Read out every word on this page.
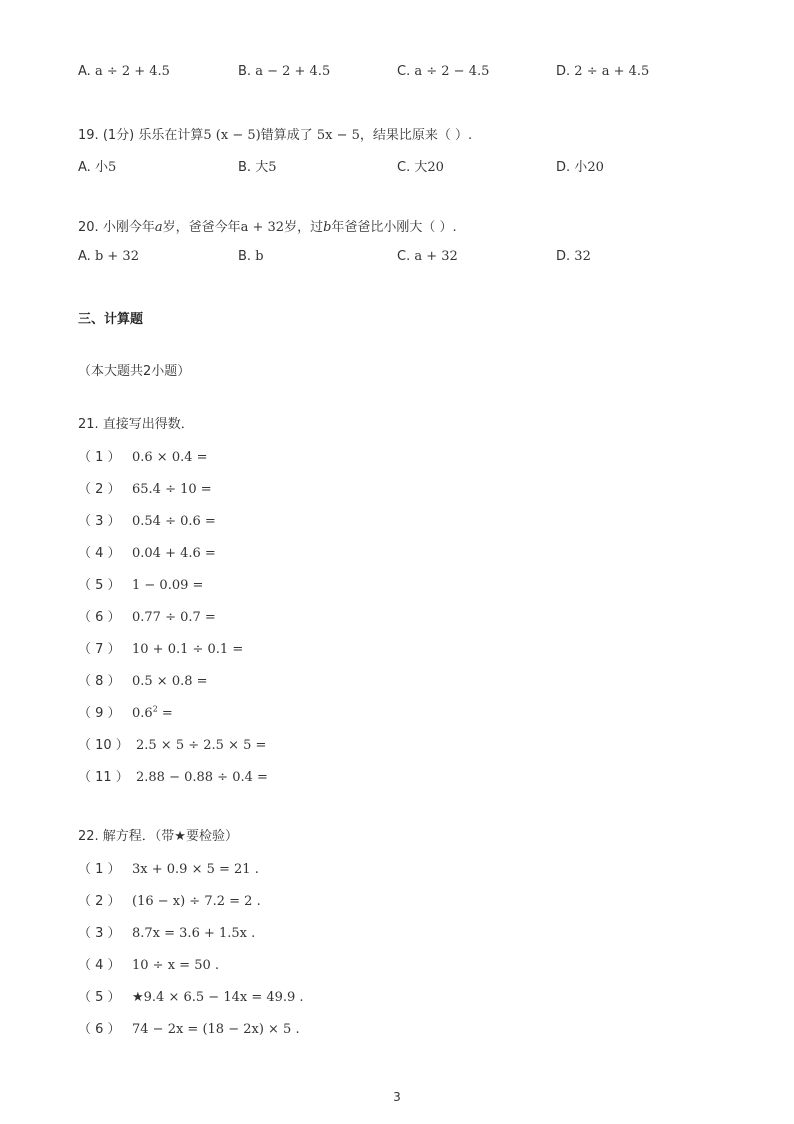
A. a ÷ 2 + 4.5	B. a − 2 + 4.5	C. a ÷ 2 − 4.5	D. 2 ÷ a + 4.5
19. (1分) 乐乐在计算5 (x − 5)错算成了 5x − 5，结果比原来（ ）.
A. 小5	B. 大5	C. 大20	D. 小20
20. 小刚今年a岁，爸爸今年a + 32岁，过b年爸爸比小刚大（ ）.
A. b + 32	B. b	C. a + 32	D. 32
三、计算题
（本大题共2小题）
21. 直接写出得数．
（ 1 ） 0.6 × 0.4 =
（ 2 ） 65.4 ÷ 10 =
（ 3 ） 0.54 ÷ 0.6 =
（ 4 ） 0.04 + 4.6 =
（ 5 ） 1 − 0.09 =
（ 6 ） 0.77 ÷ 0.7 =
（ 7 ） 10 + 0.1 ÷ 0.1 =
（ 8 ） 0.5 × 0.8 =
（ 9 ） $0.6^2$ =
（ 10 ） 2.5 × 5 ÷ 2.5 × 5 =
（ 11 ） 2.88 − 0.88 ÷ 0.4 =
22. 解方程．（带★要检验）
（ 1 ） 3x + 0.9 × 5 = 21 .
（ 2 ） (16 − x) ÷ 7.2 = 2 .
（ 3 ） 8.7x = 3.6 + 1.5x .
（ 4 ） 10 ÷ x = 50 .
（ 5 ） ★9.4 × 6.5 − 14x = 49.9 .
（ 6 ） 74 − 2x = (18 − 2x) × 5 .
3
